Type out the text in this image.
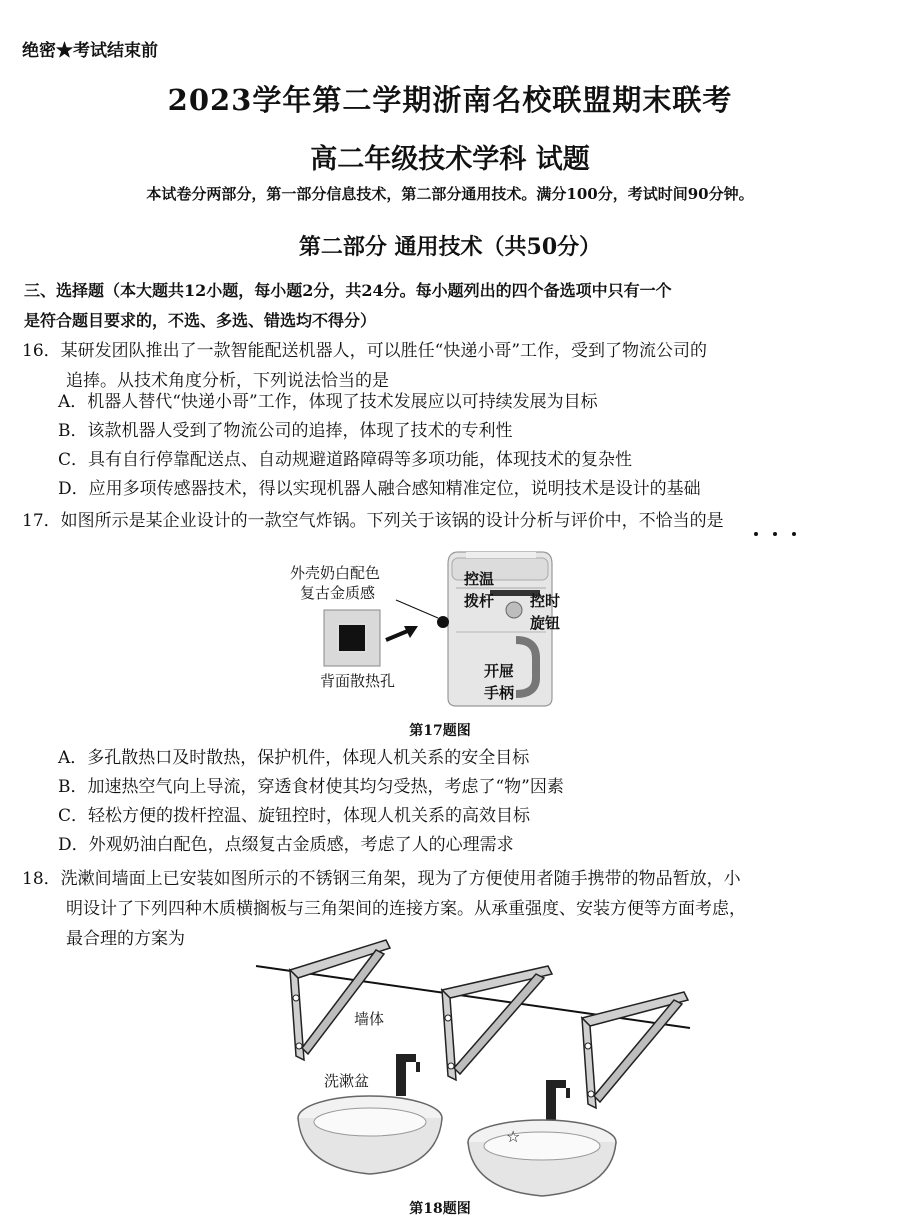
绝密★考试结束前
2023学年第二学期浙南名校联盟期末联考
高二年级技术学科 试题
本试卷分两部分，第一部分信息技术，第二部分通用技术。满分100分，考试时间90分钟。
第二部分 通用技术（共50分）
三、选择题（本大题共12小题，每小题2分，共24分。每小题列出的四个备选项中只有一个
是符合题目要求的，不选、多选、错选均不得分）
16．某研发团队推出了一款智能配送机器人，可以胜任“快递小哥”工作，受到了物流公司的
追捧。从技术角度分析，下列说法恰当的是
A．机器人替代“快递小哥”工作，体现了技术发展应以可持续发展为目标
B．该款机器人受到了物流公司的追捧，体现了技术的专利性
C．具有自行停靠配送点、自动规避道路障碍等多项功能，体现技术的复杂性
D．应用多项传感器技术，得以实现机器人融合感知精准定位，说明技术是设计的基础
17．如图所示是某企业设计的一款空气炸锅。下列关于该锅的设计分析与评价中，不恰当的是
外壳奶白配色
复古金质感
背面散热孔
控温
拨杆 控时
旋钮
开屉
手柄
第17题图
A．多孔散热口及时散热，保护机件，体现人机关系的安全目标
B．加速热空气向上导流，穿透食材使其均匀受热，考虑了“物”因素
C．轻松方便的拨杆控温、旋钮控时，体现人机关系的高效目标
D．外观奶油白配色，点缀复古金质感，考虑了人的心理需求
18．洗漱间墙面上已安装如图所示的不锈钢三角架，现为了方便使用者随手携带的物品暂放，小
明设计了下列四种木质横搁板与三角架间的连接方案。从承重强度、安装方便等方面考虑，
最合理的方案为
墙体
洗漱盆
☆
第18题图
